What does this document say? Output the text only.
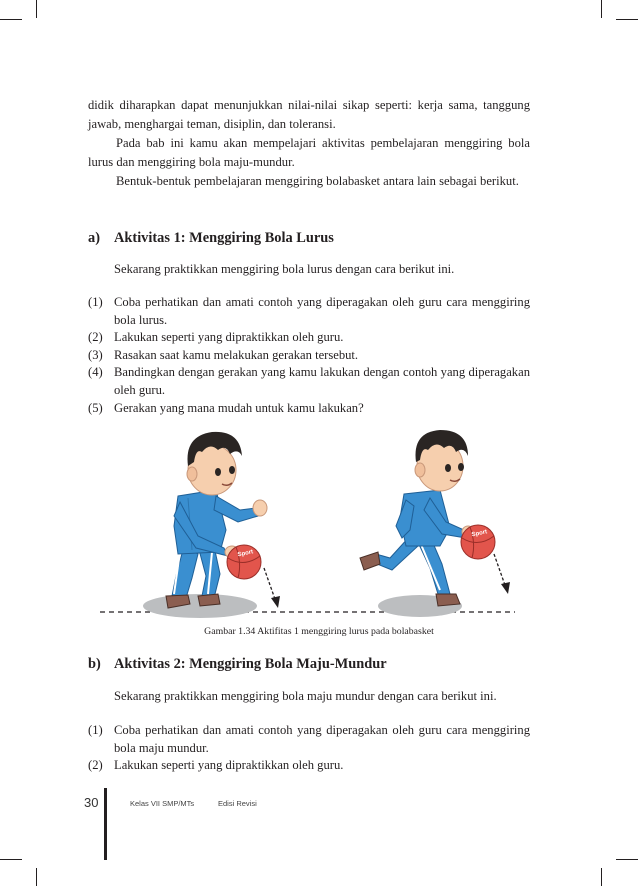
didik diharapkan dapat menunjukkan nilai-nilai sikap seperti: kerja sama, tanggung jawab, menghargai teman, disiplin, dan toleransi.

Pada bab ini kamu akan mempelajari aktivitas pembelajaran menggiring bola lurus dan menggiring bola maju-mundur.

Bentuk-bentuk pembelajaran menggiring bolabasket antara lain sebagai berikut.

a) Aktivitas 1: Menggiring Bola Lurus

Sekarang praktikkan menggiring bola lurus dengan cara berikut ini.

(1) Coba perhatikan dan amati contoh yang diperagakan oleh guru cara menggiring bola lurus.
(2) Lakukan seperti yang dipraktikkan oleh guru.
(3) Rasakan saat kamu melakukan gerakan tersebut.
(4) Bandingkan dengan gerakan yang kamu lakukan dengan contoh yang diperagakan oleh guru.
(5) Gerakan yang mana mudah untuk kamu lakukan?
Sport
Sport

Gambar 1.34 Aktifitas 1 menggiring lurus pada bolabasket

b) Aktivitas 2: Menggiring Bola Maju-Mundur

Sekarang praktikkan menggiring bola maju mundur dengan cara berikut ini.

(1) Coba perhatikan dan amati contoh yang diperagakan oleh guru cara menggiring bola maju mundur.
(2) Lakukan seperti yang dipraktikkan oleh guru.
30	Kelas VII SMP/MTs	Edisi Revisi
